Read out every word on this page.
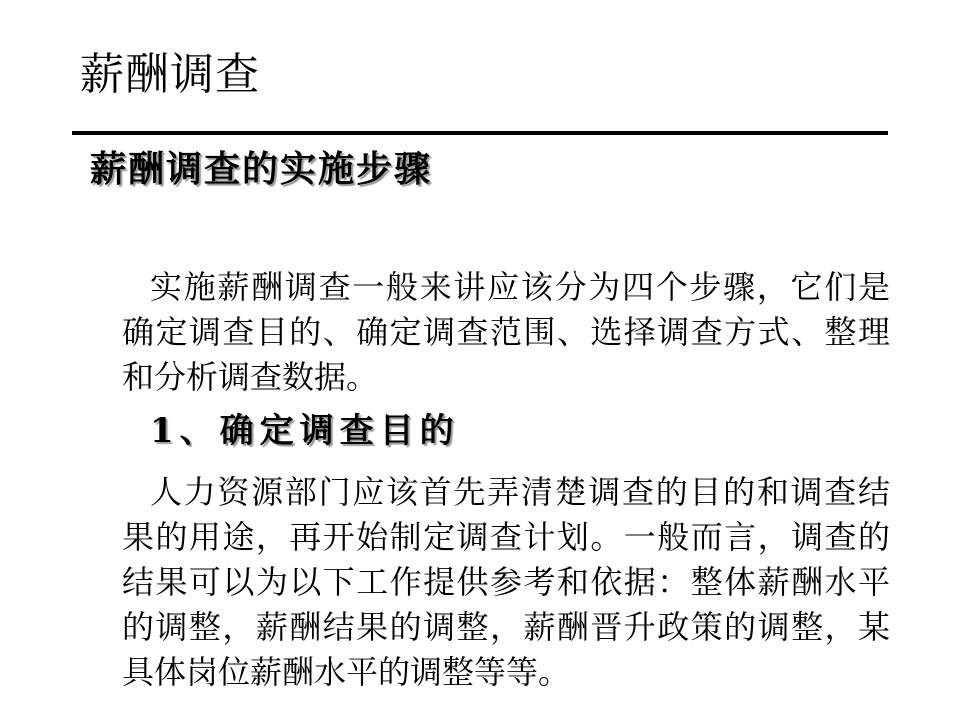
薪酬调查
薪酬调查的实施步骤
实施薪酬调查一般来讲应该分为四个步骤，它们是
确定调查目的、确定调查范围、选择调查方式、整理
和分析调查数据。
1、确定调查目的
人力资源部门应该首先弄清楚调查的目的和调查结
果的用途，再开始制定调查计划。一般而言，调查的
结果可以为以下工作提供参考和依据：整体薪酬水平
的调整，薪酬结果的调整，薪酬晋升政策的调整，某
具体岗位薪酬水平的调整等等。
